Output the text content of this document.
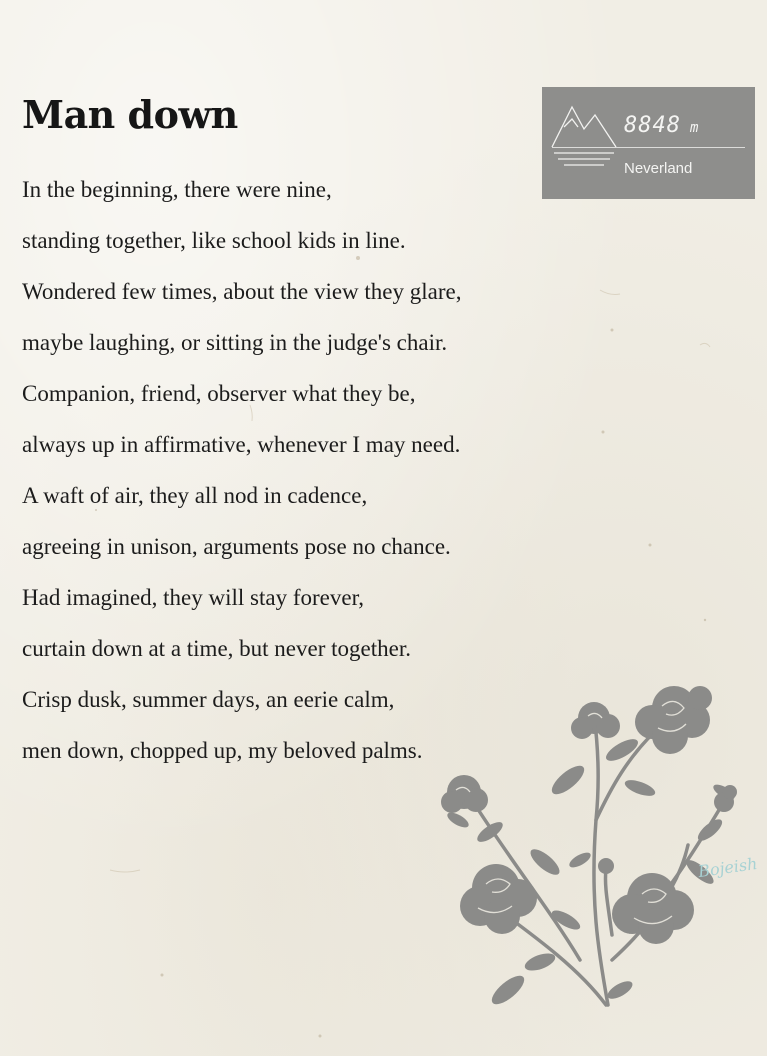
Man down
In the beginning, there were nine,
standing together, like school kids in line.
Wondered few times, about the view they glare,
maybe laughing, or sitting in the judge's chair.
Companion, friend, observer what they be,
always up in affirmative, whenever I may need.
A waft of air, they all nod in cadence,
agreeing in unison, arguments pose no chance.
Had imagined, they will stay forever,
curtain down at a time, but never together.
Crisp dusk, summer days, an eerie calm,
men down, chopped up, my beloved palms.
8848 m
Neverland
Bojeish
